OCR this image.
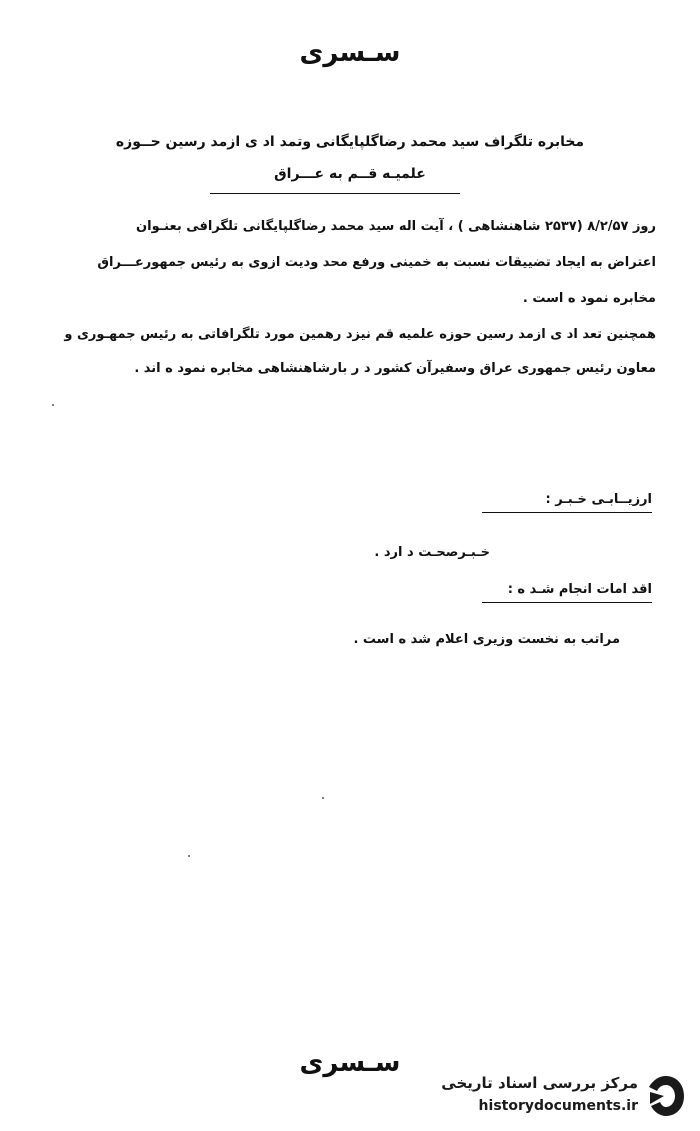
سـسری
مخابره تلگراف سید محمد رضاگلپایگانی وتمد اد ی ازمد رسین حــوزه
علمیـه قــم به عـــراق
روز ۸/۲/۵۷ (۲۵۳۷ شاهنشاهی ) ، آیت اله سید محمد رضاگلپایگانی تلگرافی بعنـوان
اعتراض به ایجاد تضییقات نسبت به خمینی ورفع محد ودیت ازوی به رئیس جمهورعـــراق
مخابره نمود ه است .
همچنین تعد اد ی ازمد رسین حوزه علمیه قم نیزد رهمین مورد تلگرافاتی به رئیس جمهـوری و
معاون رئیس جمهوری عراق وسفیرآن کشور د ر بارشاهنشاهی مخابره نمود ه اند .
ارزیــابـی خـبـر :
خـبـرصحـت د ارد .
اقد امات انجام شـد ه :
مراتب به نخست وزیری اعلام شد ه است .
سـسری
مرکز بررسی اسناد تاریخی
historydocuments.ir
